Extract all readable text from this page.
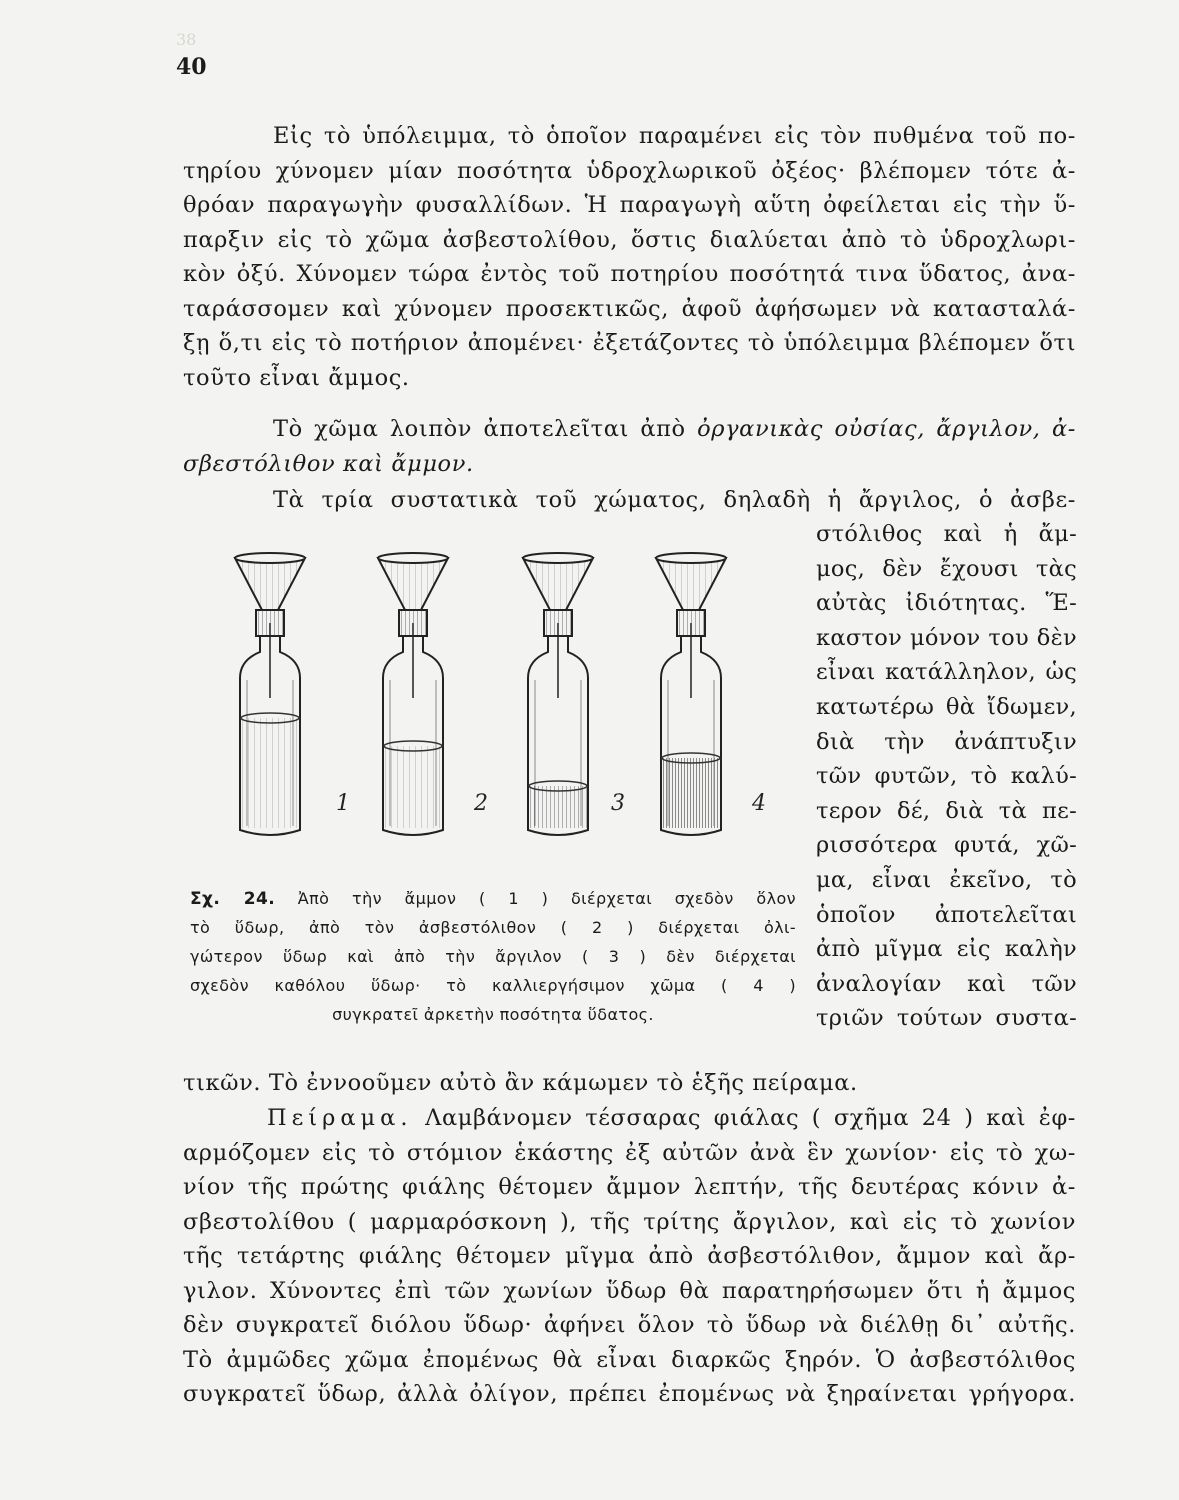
38
40
Εἰς τὸ ὑπόλειμμα, τὸ ὁποῖον παραμένει εἰς τὸν πυθμένα τοῦ πο-
τηρίου χύνομεν μίαν ποσότητα ὑδροχλωρικοῦ ὀξέος· βλέπομεν τότε ἀ-
θρόαν παραγωγὴν φυσαλλίδων. Ἡ παραγωγὴ αὕτη ὀφείλεται εἰς τὴν ὕ-
παρξιν εἰς τὸ χῶμα ἀσβεστολίθου, ὅστις διαλύεται ἀπὸ τὸ ὑδροχλωρι-
κὸν ὀξύ. Χύνομεν τώρα ἐντὸς τοῦ ποτηρίου ποσότητά τινα ὕδατος, ἀνα-
ταράσσομεν καὶ χύνομεν προσεκτικῶς, ἀφοῦ ἀφήσωμεν νὰ κατασταλά-
ξῃ ὅ,τι εἰς τὸ ποτήριον ἀπομένει· ἐξετάζοντες τὸ ὑπόλειμμα βλέπομεν ὅτι
τοῦτο εἶναι ἄμμος.
Τὸ χῶμα λοιπὸν ἀποτελεῖται ἀπὸ ὀργανικὰς οὐσίας, ἄργιλον, ἀ-
σβεστόλιθον καὶ ἄμμον.
Τὰ τρία συστατικὰ τοῦ χώματος, δηλαδὴ ἡ ἄργιλος, ὁ ἀσβε-
στόλιθος καὶ ἡ ἄμ-
μος, δὲν ἔχουσι τὰς
αὐτὰς ἰδιότητας. Ἕ-
καστον μόνον του δὲν
εἶναι κατάλληλον, ὡς
κατωτέρω θὰ ἴδωμεν,
διὰ τὴν ἀνάπτυξιν
τῶν φυτῶν, τὸ καλύ-
τερον δέ, διὰ τὰ πε-
ρισσότερα φυτά, χῶ-
μα, εἶναι ἐκεῖνο, τὸ
ὁποῖον ἀποτελεῖται
ἀπὸ μῖγμα εἰς καλὴν
ἀναλογίαν καὶ τῶν
τριῶν τούτων συστα-
1	2	3	4
Σχ. 24. Ἀπὸ τὴν ἄμμον ( 1 ) διέρχεται σχεδὸν ὅλον
τὸ ὕδωρ, ἀπὸ τὸν ἀσβεστόλιθον ( 2 ) διέρχεται ὀλι-
γώτερον ὕδωρ καὶ ἀπὸ τὴν ἄργιλον ( 3 ) δὲν διέρχεται
σχεδὸν καθόλου ὕδωρ· τὸ καλλιεργήσιμον χῶμα ( 4 )
συγκρατεῖ ἀρκετὴν ποσότητα ὕδατος.
τικῶν. Τὸ ἐννοοῦμεν αὐτὸ ἂν κάμωμεν τὸ ἑξῆς πείραμα.
Πείραμα. Λαμβάνομεν τέσσαρας φιάλας ( σχῆμα 24 ) καὶ ἐφ-
αρμόζομεν εἰς τὸ στόμιον ἑκάστης ἐξ αὐτῶν ἀνὰ ἓν χωνίον· εἰς τὸ χω-
νίον τῆς πρώτης φιάλης θέτομεν ἄμμον λεπτήν, τῆς δευτέρας κόνιν ἀ-
σβεστολίθου ( μαρμαρόσκονη ), τῆς τρίτης ἄργιλον, καὶ εἰς τὸ χωνίον
τῆς τετάρτης φιάλης θέτομεν μῖγμα ἀπὸ ἀσβεστόλιθον, ἄμμον καὶ ἄρ-
γιλον. Χύνοντες ἐπὶ τῶν χωνίων ὕδωρ θὰ παρατηρήσωμεν ὅτι ἡ ἄμμος
δὲν συγκρατεῖ διόλου ὕδωρ· ἀφήνει ὅλον τὸ ὕδωρ νὰ διέλθῃ δι᾽ αὐτῆς.
Τὸ ἀμμῶδες χῶμα ἐπομένως θὰ εἶναι διαρκῶς ξηρόν. Ὁ ἀσβεστόλιθος
συγκρατεῖ ὕδωρ, ἀλλὰ ὀλίγον, πρέπει ἐπομένως νὰ ξηραίνεται γρήγορα.
